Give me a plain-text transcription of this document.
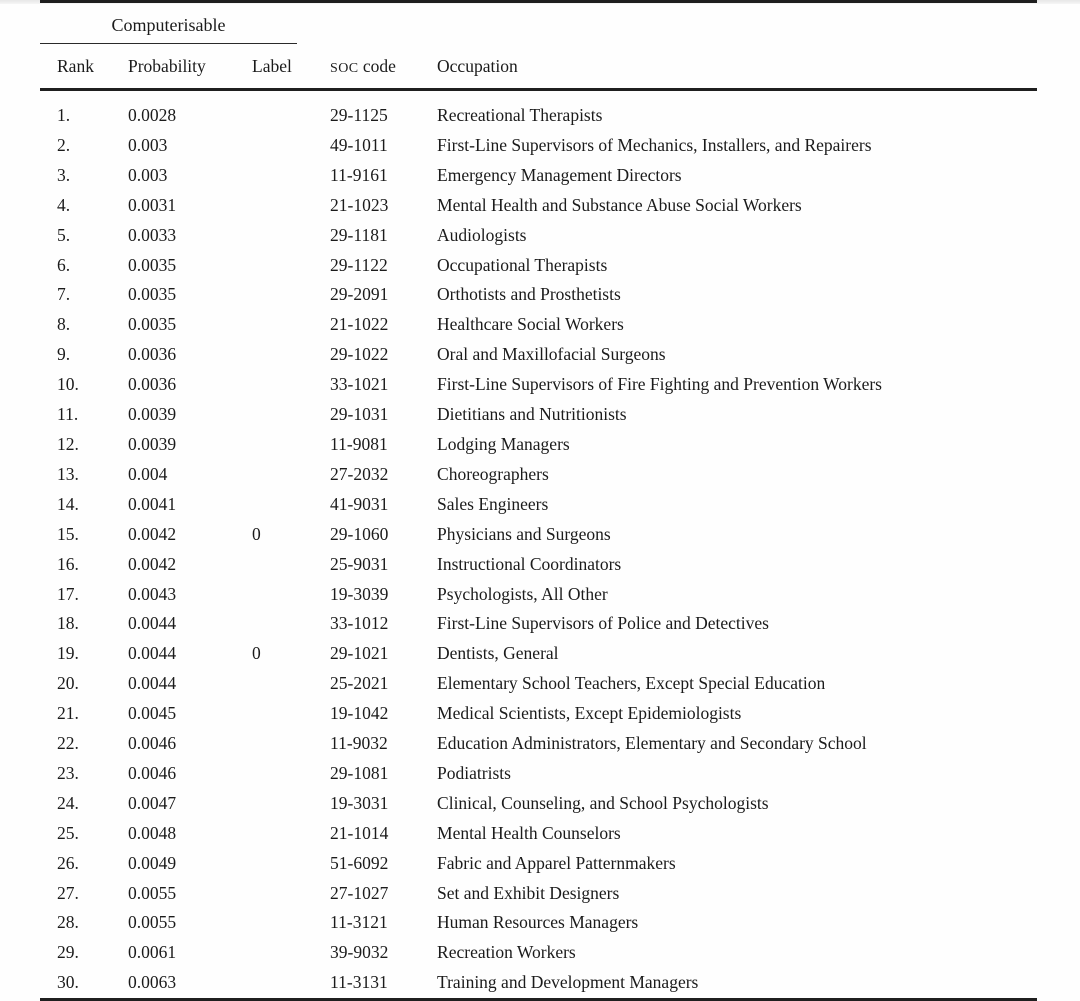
Computerisable				

Rank	Probability	Label	SOC code	Occupation
1.	0.0028		29-1125	Recreational Therapists
2.	0.003		49-1011	First-Line Supervisors of Mechanics, Installers, and Repairers
3.	0.003		11-9161	Emergency Management Directors
4.	0.0031		21-1023	Mental Health and Substance Abuse Social Workers
5.	0.0033		29-1181	Audiologists
6.	0.0035		29-1122	Occupational Therapists
7.	0.0035		29-2091	Orthotists and Prosthetists
8.	0.0035		21-1022	Healthcare Social Workers
9.	0.0036		29-1022	Oral and Maxillofacial Surgeons
10.	0.0036		33-1021	First-Line Supervisors of Fire Fighting and Prevention Workers
11.	0.0039		29-1031	Dietitians and Nutritionists
12.	0.0039		11-9081	Lodging Managers
13.	0.004		27-2032	Choreographers
14.	0.0041		41-9031	Sales Engineers
15.	0.0042	0	29-1060	Physicians and Surgeons
16.	0.0042		25-9031	Instructional Coordinators
17.	0.0043		19-3039	Psychologists, All Other
18.	0.0044		33-1012	First-Line Supervisors of Police and Detectives
19.	0.0044	0	29-1021	Dentists, General
20.	0.0044		25-2021	Elementary School Teachers, Except Special Education
21.	0.0045		19-1042	Medical Scientists, Except Epidemiologists
22.	0.0046		11-9032	Education Administrators, Elementary and Secondary School
23.	0.0046		29-1081	Podiatrists
24.	0.0047		19-3031	Clinical, Counseling, and School Psychologists
25.	0.0048		21-1014	Mental Health Counselors
26.	0.0049		51-6092	Fabric and Apparel Patternmakers
27.	0.0055		27-1027	Set and Exhibit Designers
28.	0.0055		11-3121	Human Resources Managers
29.	0.0061		39-9032	Recreation Workers
30.	0.0063		11-3131	Training and Development Managers
